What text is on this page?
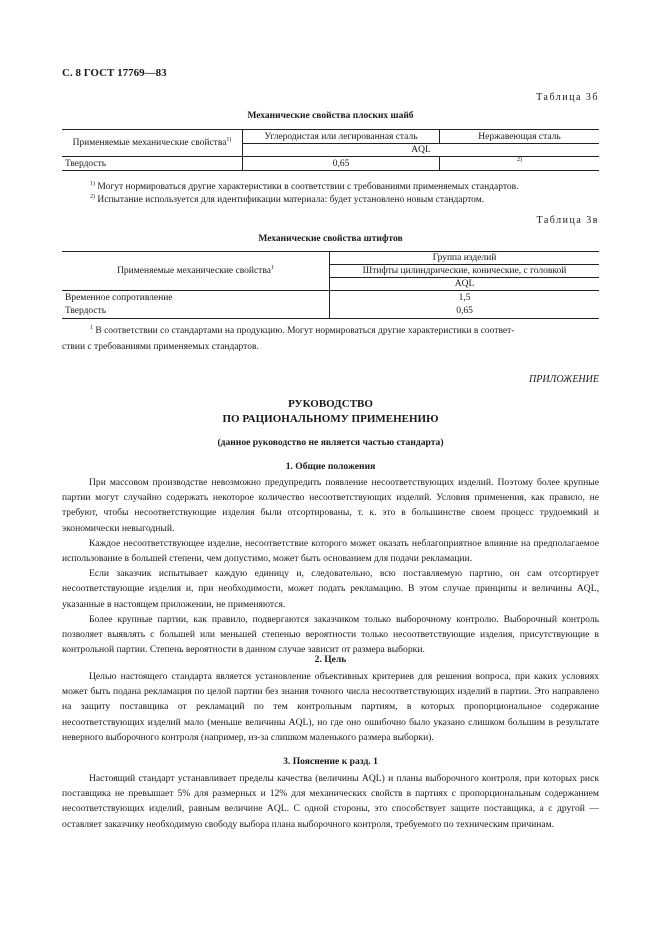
С. 8 ГОСТ 17769—83
Таблица 3б
Механические свойства плоских шайб
Применяемые механические свойства$^{1)}$	Углеродистая или легированная сталь	Нержавеющая сталь
	AQL	
Твердость	0,65	$^{2)}$
$^{1)}$ Могут нормироваться другие характеристики в соответствии с требованиями применяемых стандартов.
$^{2)}$ Испытание используется для идентификации материала: будет установлено новым стандартом.
Таблица 3в
Механические свойства штифтов
Применяемые механические свойства$^1$	Группа изделий
	Штифты цилиндрические, конические, с головкой
	AQL
Временное сопротивление	1,5
Твердость	0,65
$^1$ В соответствии со стандартами на продукцию. Могут нормироваться другие характеристики в соответ-
ствии с требованиями применяемых стандартов.
ПРИЛОЖЕНИЕ
РУКОВОДСТВО
ПО РАЦИОНАЛЬНОМУ ПРИМЕНЕНИЮ
(данное руководство не является частью стандарта)
1. Общие положения

При массовом производстве невозможно предупредить появление несоответствующих изделий. Поэтому более крупные партии могут случайно содержать некоторое количество несоответствующих изделий. Условия применения, как правило, не требуют, чтобы несоответствующие изделия были отсортированы, т. к. это в большинстве своем процесс трудоемкий и экономически невыгодный.

Каждое несоответствующее изделие, несоответствие которого может оказать неблагоприятное влияние на предполагаемое использование в большей степени, чем допустимо, может быть основанием для подачи рекламации.

Если заказчик испытывает каждую единицу и, следовательно, всю поставляемую партию, он сам отсортирует несоответствующие изделия и, при необходимости, может подать рекламацию. В этом случае принципы и величины AQL, указанные в настоящем приложении, не применяются.

Более крупные партии, как правило, подвергаются заказчиком только выборочному контролю. Выборочный контроль позволяет выявлять с большей или меньшей степенью вероятности только несоответствующие изделия, присутствующие в контрольной партии. Степень вероятности в данном случае зависит от размера выборки.

2. Цель

Целью настоящего стандарта является установление объективных критериев для решения вопроса, при каких условиях может быть подана рекламация по целой партии без знания точного числа несоответствующих изделий в партии. Это направлено на защиту поставщика от рекламаций по тем контрольным партиям, в которых пропорциональное содержание несоответствующих изделий мало (меньше величины AQL), но где оно ошибочно было указано слишком большим в результате неверного выборочного контроля (например, из-за слишком маленького размера выборки).

3. Пояснение к разд. 1

Настоящий стандарт устанавливает пределы качества (величины AQL) и планы выборочного контроля, при которых риск поставщика не превышает 5% для размерных и 12% для механических свойств в партиях с пропорциональным содержанием несоответствующих изделий, равным величине AQL. С одной стороны, это способствует защите поставщика, а с другой — оставляет заказчику необходимую свободу выбора плана выборочного контроля, требуемого по техническим причинам.
